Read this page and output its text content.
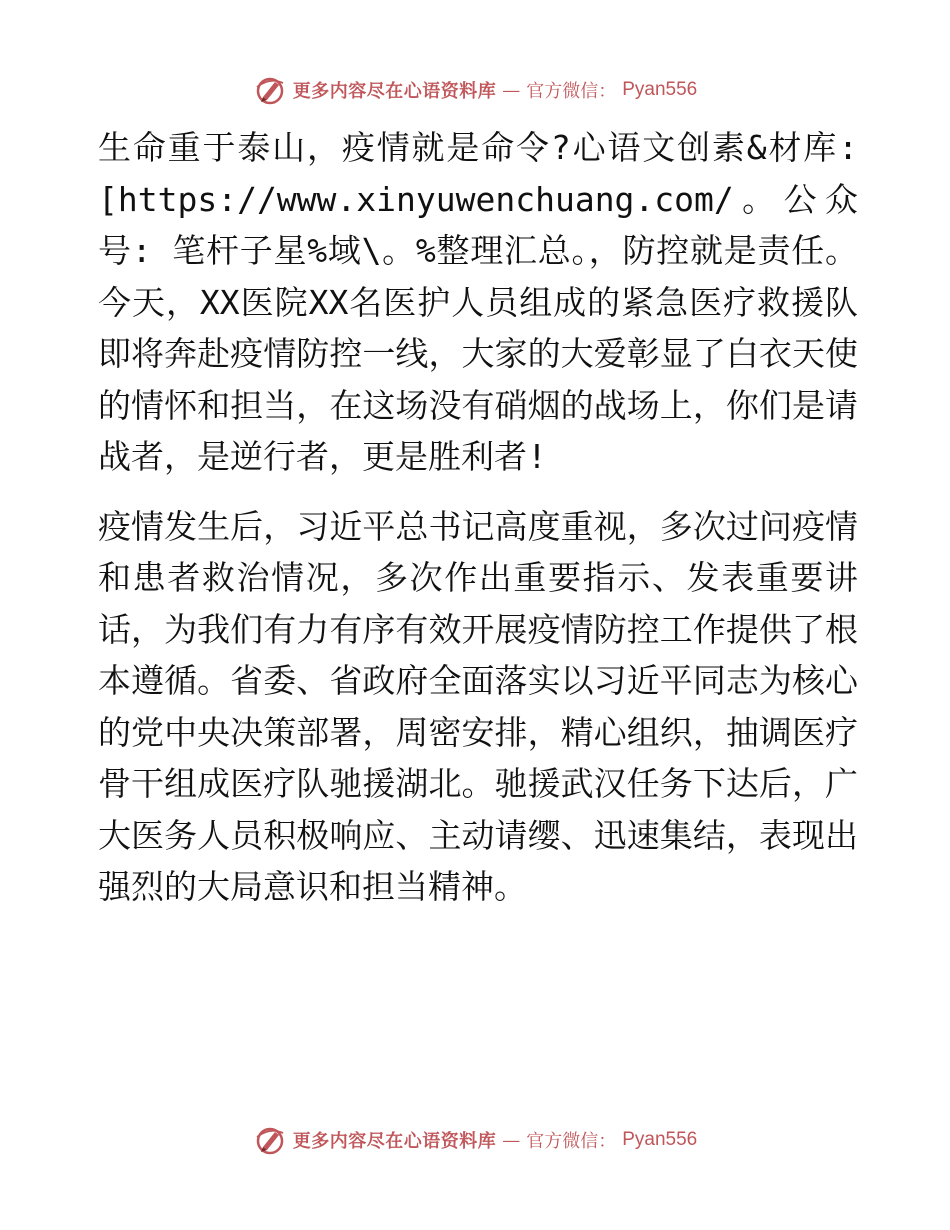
更多内容尽在心语资料库 — 官方微信： Pyan556

生命重于泰山，疫情就是命令?心语文创素&材库: [https://www.xinyuwenchuang.com/。公众号: 笔杆子星%域\。%整理汇总。，防控就是责任。今天，XX医院XX名医护人员组成的紧急医疗救援队即将奔赴疫情防控一线，大家的大爱彰显了白衣天使的情怀和担当，在这场没有硝烟的战场上，你们是请战者，是逆行者，更是胜利者!

疫情发生后，习近平总书记高度重视，多次过问疫情和患者救治情况，多次作出重要指示、发表重要讲话，为我们有力有序有效开展疫情防控工作提供了根本遵循。省委、省政府全面落实以习近平同志为核心的党中央决策部署，周密安排，精心组织，抽调医疗骨干组成医疗队驰援湖北。驰援武汉任务下达后，广大医务人员积极响应、主动请缨、迅速集结，表现出强烈的大局意识和担当精神。

更多内容尽在心语资料库 — 官方微信： Pyan556
